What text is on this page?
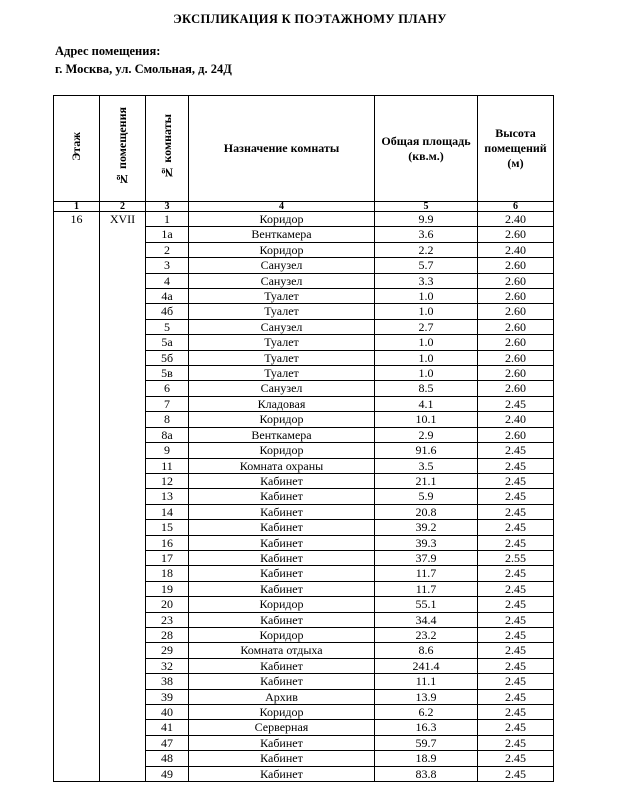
ЭКСПЛИКАЦИЯ К ПОЭТАЖНОМУ ПЛАНУ
Адрес помещения:
г. Москва, ул. Смольная, д. 24Д
Этаж	№ помещения	№ комнаты	Назначение комнаты	Общая площадь (кв.м.)	Высота помещений (м)

1	2	3	4	5	6
16	XVII	1	Коридор	9.9	2.40
		1а	Венткамера	3.6	2.60
		2	Коридор	2.2	2.40
		3	Санузел	5.7	2.60
		4	Санузел	3.3	2.60
		4а	Туалет	1.0	2.60
		4б	Туалет	1.0	2.60
		5	Санузел	2.7	2.60
		5а	Туалет	1.0	2.60
		5б	Туалет	1.0	2.60
		5в	Туалет	1.0	2.60
		6	Санузел	8.5	2.60
		7	Кладовая	4.1	2.45
		8	Коридор	10.1	2.40
		8а	Венткамера	2.9	2.60
		9	Коридор	91.6	2.45
		11	Комната охраны	3.5	2.45
		12	Кабинет	21.1	2.45
		13	Кабинет	5.9	2.45
		14	Кабинет	20.8	2.45
		15	Кабинет	39.2	2.45
		16	Кабинет	39.3	2.45
		17	Кабинет	37.9	2.55
		18	Кабинет	11.7	2.45
		19	Кабинет	11.7	2.45
		20	Коридор	55.1	2.45
		23	Кабинет	34.4	2.45
		28	Коридор	23.2	2.45
		29	Комната отдыха	8.6	2.45
		32	Кабинет	241.4	2.45
		38	Кабинет	11.1	2.45
		39	Архив	13.9	2.45
		40	Коридор	6.2	2.45
		41	Серверная	16.3	2.45
		47	Кабинет	59.7	2.45
		48	Кабинет	18.9	2.45
		49	Кабинет	83.8	2.45
